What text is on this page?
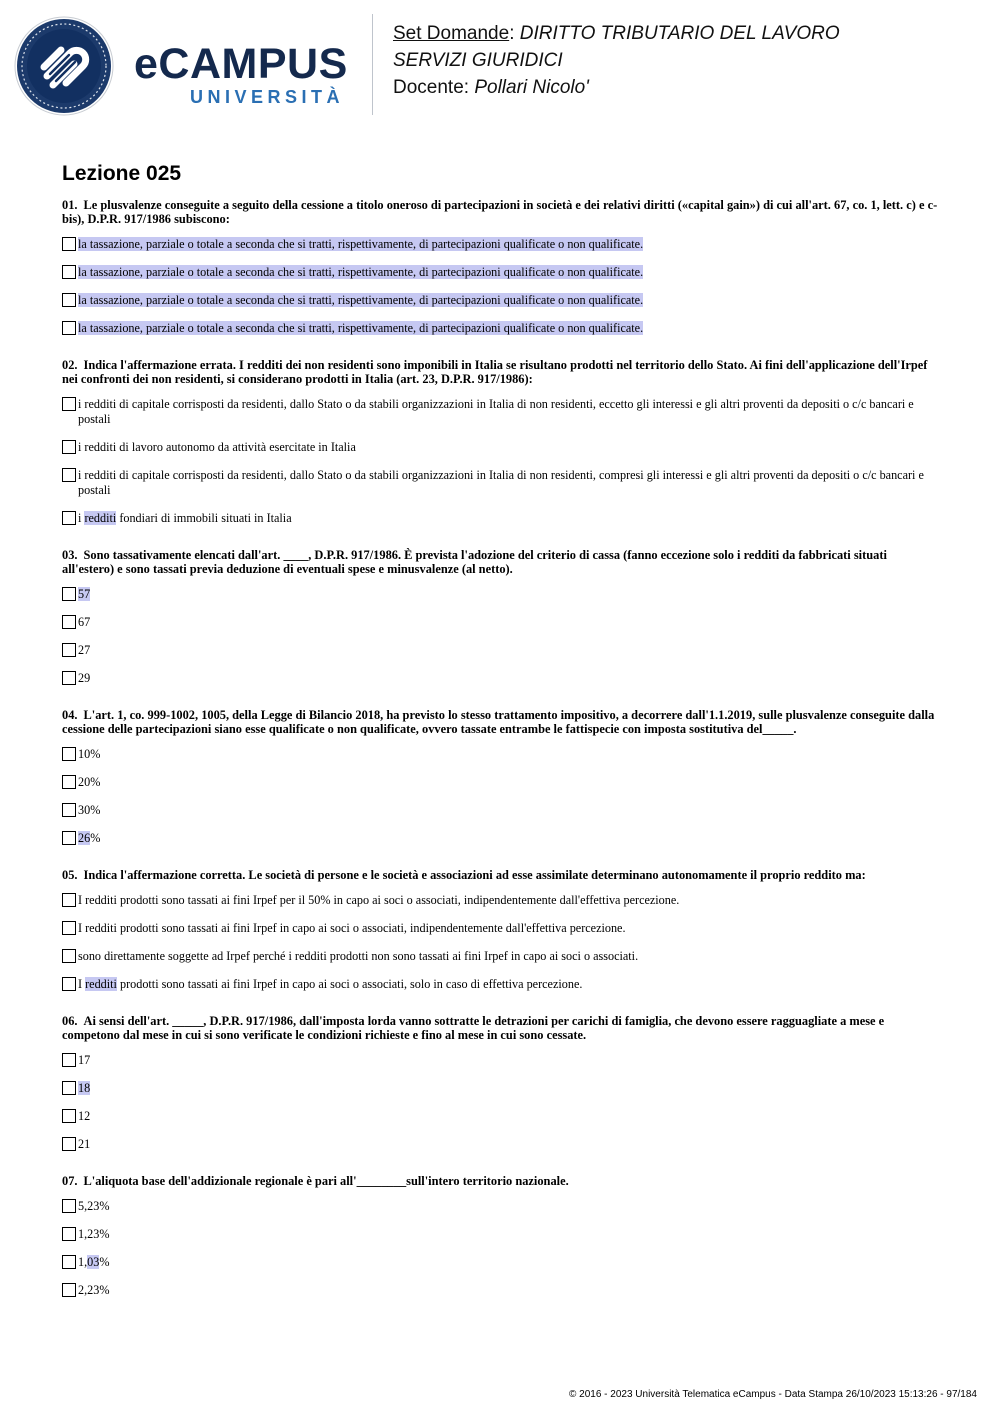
eCAMPUS
UNIVERSITÀ
Set Domande: DIRITTO TRIBUTARIO DEL LAVORO
SERVIZI GIURIDICI
Docente: Pollari Nicolo'
Lezione 025
01. Le plusvalenze conseguite a seguito della cessione a titolo oneroso di partecipazioni in società e dei relativi diritti («capital gain») di cui all'art. 67, co. 1, lett. c) e c-bis), D.P.R. 917/1986 subiscono:
la tassazione, parziale o totale a seconda che si tratti, rispettivamente, di partecipazioni qualificate o non qualificate.
la tassazione, parziale o totale a seconda che si tratti, rispettivamente, di partecipazioni qualificate o non qualificate.
la tassazione, parziale o totale a seconda che si tratti, rispettivamente, di partecipazioni qualificate o non qualificate.
la tassazione, parziale o totale a seconda che si tratti, rispettivamente, di partecipazioni qualificate o non qualificate.
02. Indica l'affermazione errata. I redditi dei non residenti sono imponibili in Italia se risultano prodotti nel territorio dello Stato. Ai fini dell'applicazione dell'Irpef nei confronti dei non residenti, si considerano prodotti in Italia (art. 23, D.P.R. 917/1986):
i redditi di capitale corrisposti da residenti, dallo Stato o da stabili organizzazioni in Italia di non residenti, eccetto gli interessi e gli altri proventi da depositi o c/c bancari e postali
i redditi di lavoro autonomo da attività esercitate in Italia
i redditi di capitale corrisposti da residenti, dallo Stato o da stabili organizzazioni in Italia di non residenti, compresi gli interessi e gli altri proventi da depositi o c/c bancari e postali
i redditi fondiari di immobili situati in Italia
03. Sono tassativamente elencati dall'art. ____, D.P.R. 917/1986. È prevista l'adozione del criterio di cassa (fanno eccezione solo i redditi da fabbricati situati all'estero) e sono tassati previa deduzione di eventuali spese e minusvalenze (al netto).
57
67
27
29
04. L'art. 1, co. 999-1002, 1005, della Legge di Bilancio 2018, ha previsto lo stesso trattamento impositivo, a decorrere dall'1.1.2019, sulle plusvalenze conseguite dalla cessione delle partecipazioni siano esse qualificate o non qualificate, ovvero tassate entrambe le fattispecie con imposta sostitutiva del_____.
10%
20%
30%
26%
05. Indica l'affermazione corretta. Le società di persone e le società e associazioni ad esse assimilate determinano autonomamente il proprio reddito ma:
I redditi prodotti sono tassati ai fini Irpef per il 50% in capo ai soci o associati, indipendentemente dall'effettiva percezione.
I redditi prodotti sono tassati ai fini Irpef in capo ai soci o associati, indipendentemente dall'effettiva percezione.
sono direttamente soggette ad Irpef perché i redditi prodotti non sono tassati ai fini Irpef in capo ai soci o associati.
I redditi prodotti sono tassati ai fini Irpef in capo ai soci o associati, solo in caso di effettiva percezione.
06. Ai sensi dell'art. _____, D.P.R. 917/1986, dall'imposta lorda vanno sottratte le detrazioni per carichi di famiglia, che devono essere ragguagliate a mese e competono dal mese in cui si sono verificate le condizioni richieste e fino al mese in cui sono cessate.
17
18
12
21
07. L'aliquota base dell'addizionale regionale è pari all'________sull'intero territorio nazionale.
5,23%
1,23%
1,03%
2,23%
© 2016 - 2023 Università Telematica eCampus - Data Stampa 26/10/2023 15:13:26 - 97/184
